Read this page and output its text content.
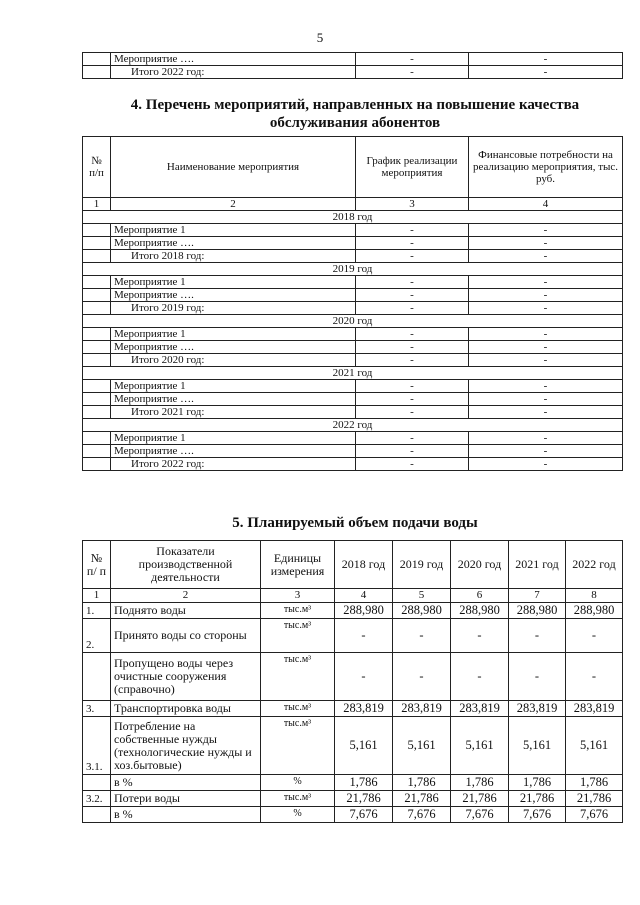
5
	Мероприятие ….	-	-
	Итого 2022 год:	-	-
4. Перечень мероприятий, направленных на повышение качества
обслуживания абонентов
№ п/п	Наименование мероприятия	График реализации мероприятия	Финансовые потребности на реализацию мероприятия, тыс. руб.
1	2	3	4
2018 год			
	Мероприятие 1	-	-
	Мероприятие ….	-	-
	Итого 2018 год:	-	-
2019 год			
	Мероприятие 1	-	-
	Мероприятие ….	-	-
	Итого 2019 год:	-	-
2020 год			
	Мероприятие 1	-	-
	Мероприятие ….	-	-
	Итого 2020 год:	-	-
2021 год			
	Мероприятие 1	-	-
	Мероприятие ….	-	-
	Итого 2021 год:	-	-
2022 год			
	Мероприятие 1	-	-
	Мероприятие ….	-	-
	Итого 2022 год:	-	-
5. Планируемый объем подачи воды
№ п/ п	Показатели производственной деятельности	Единицы измерения	2018 год	2019 год	2020 год	2021 год	2022 год
1	2	3	4	5	6	7	8
1.	Поднято воды	тыс.м³	288,980	288,980	288,980	288,980	288,980
2.	Принято воды со стороны	тыс.м³	-	-	-	-	-
	Пропущено воды через очистные сооружения (справочно)	тыс.м³	-	-	-	-	-
3.	Транспортировка воды	тыс.м³	283,819	283,819	283,819	283,819	283,819
3.1.	Потребление на собственные нужды (технологические нужды и хоз.бытовые)	тыс.м³	5,161	5,161	5,161	5,161	5,161
	в %	%	1,786	1,786	1,786	1,786	1,786
3.2.	Потери воды	тыс.м³	21,786	21,786	21,786	21,786	21,786
	в %	%	7,676	7,676	7,676	7,676	7,676
